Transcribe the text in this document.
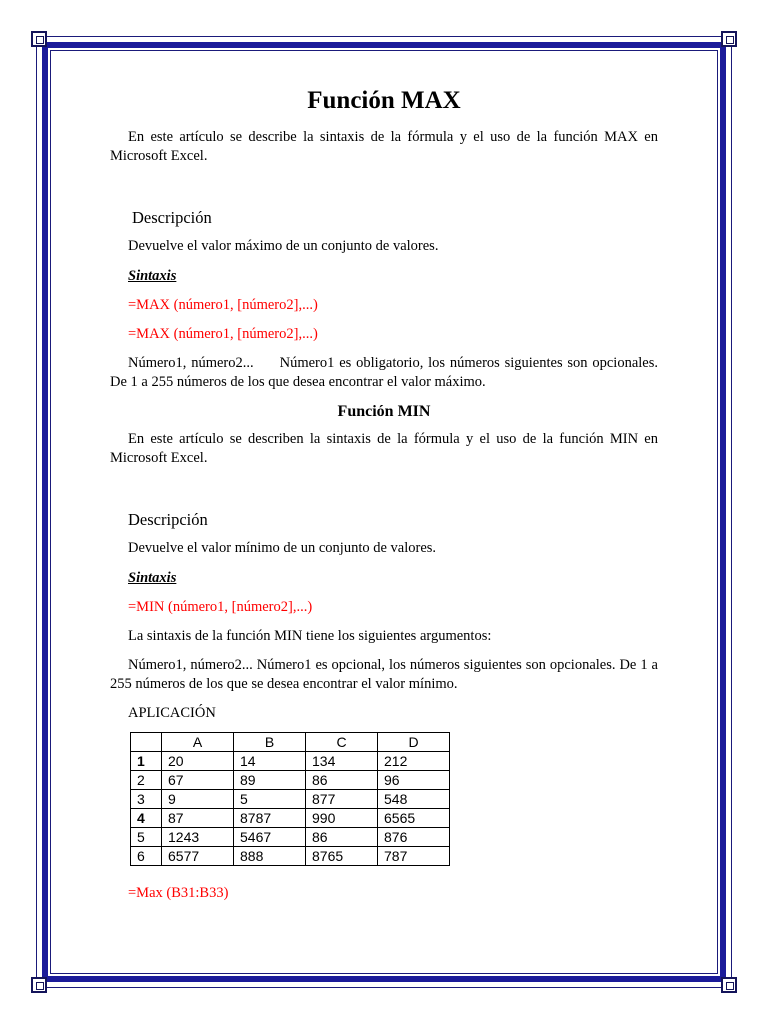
Función MAX

En este artículo se describe la sintaxis de la fórmula y el uso de la función MAX en Microsoft Excel.

Descripción

Devuelve el valor máximo de un conjunto de valores.

Sintaxis

=MAX (número1, [número2],...)

=MAX (número1, [número2],...)

Número1, número2... Número1 es obligatorio, los números siguientes son opcionales. De 1 a 255 números de los que desea encontrar el valor máximo.

Función MIN

En este artículo se describen la sintaxis de la fórmula y el uso de la función MIN en Microsoft Excel.

Descripción

Devuelve el valor mínimo de un conjunto de valores.

Sintaxis

=MIN (número1, [número2],...)

La sintaxis de la función MIN tiene los siguientes argumentos:

Número1, número2... Número1 es opcional, los números siguientes son opcionales. De 1 a 255 números de los que se desea encontrar el valor mínimo.

APLICACIÓN

	A	B	C	D
1	20	14	134	212
2	67	89	86	96
3	9	5	877	548
4	87	8787	990	6565
5	1243	5467	86	876
6	6577	888	8765	787

=Max (B31:B33)
